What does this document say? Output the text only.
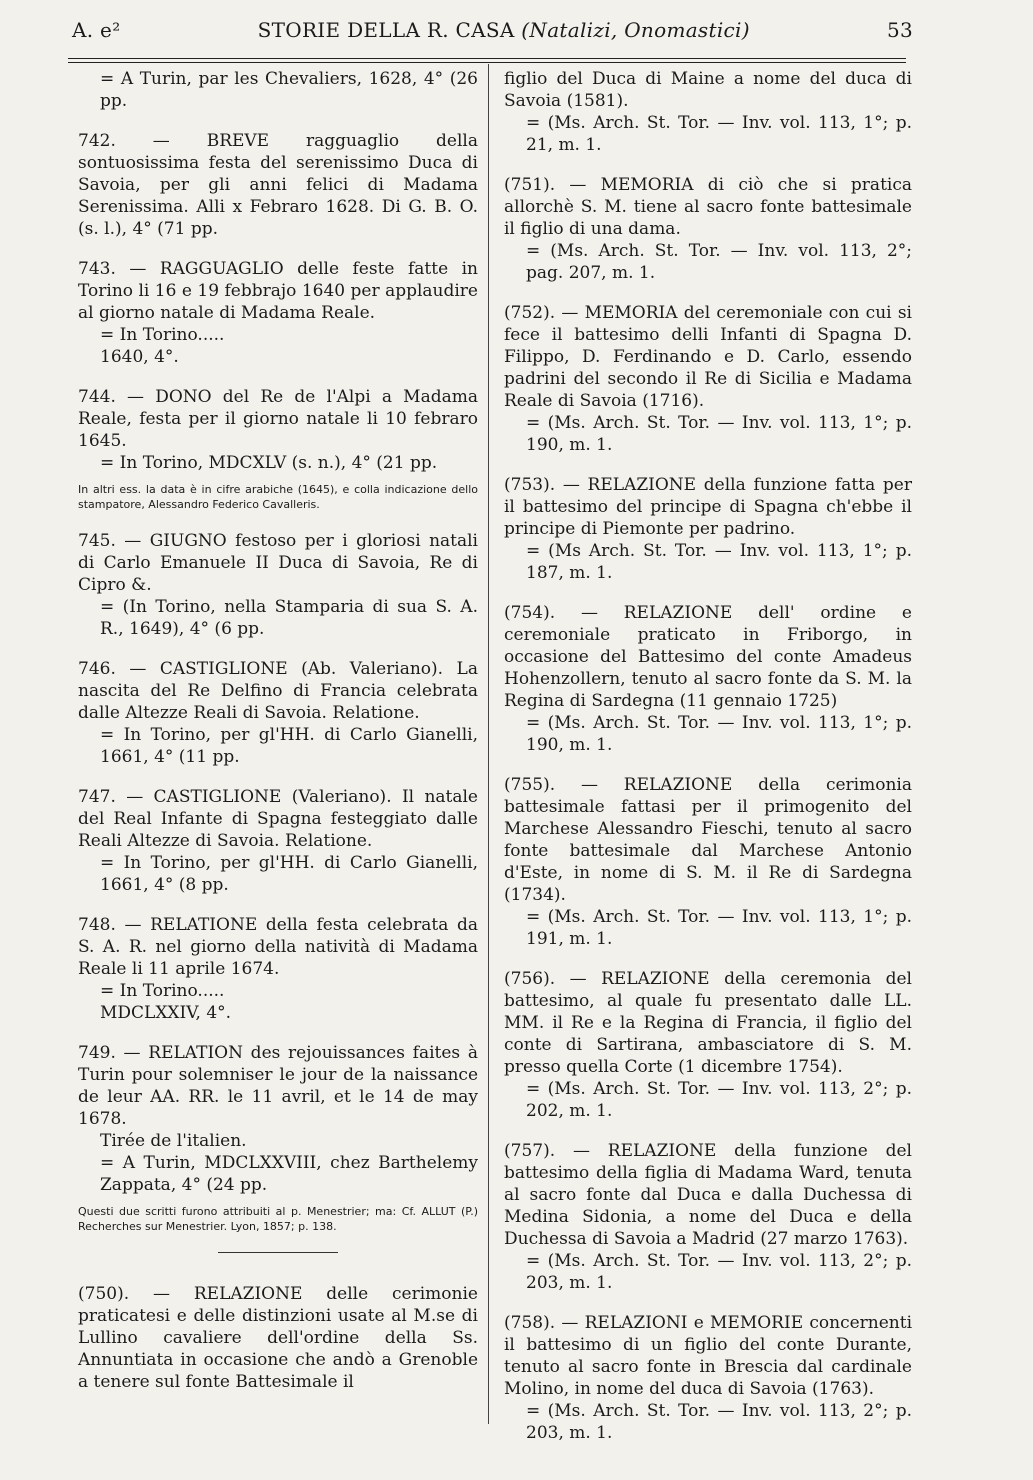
A. e²	STORIE DELLA R. CASA (Natalizi, Onomastici)	53

= A Turin, par les Chevaliers, 1628, 4° (26 pp.

742. — BREVE ragguaglio della sontuosissima festa del serenissimo Duca di Savoia, per gli anni felici di Madama Serenissima. Alli x Febraro 1628. Di G. B. O. (s. l.), 4° (71 pp.

743. — RAGGUAGLIO delle feste fatte in Torino li 16 e 19 febbrajo 1640 per applaudire al giorno natale di Madama Reale.

= In Torino.....

1640, 4°.

744. — DONO del Re de l'Alpi a Madama Reale, festa per il giorno natale li 10 febraro 1645.

= In Torino, MDCXLV (s. n.), 4° (21 pp.

In altri ess. la data è in cifre arabiche (1645), e colla indicazione dello stampatore, Alessandro Federico Cavalleris.

745. — GIUGNO festoso per i gloriosi natali di Carlo Emanuele II Duca di Savoia, Re di Cipro &.

= (In Torino, nella Stamparia di sua S. A. R., 1649), 4° (6 pp.

746. — CASTIGLIONE (Ab. Valeriano). La nascita del Re Delfino di Francia celebrata dalle Altezze Reali di Savoia. Relatione.

= In Torino, per gl'HH. di Carlo Gianelli, 1661, 4° (11 pp.

747. — CASTIGLIONE (Valeriano). Il natale del Real Infante di Spagna festeggiato dalle Reali Altezze di Savoia. Relatione.

= In Torino, per gl'HH. di Carlo Gianelli, 1661, 4° (8 pp.

748. — RELATIONE della festa celebrata da S. A. R. nel giorno della natività di Madama Reale li 11 aprile 1674.

= In Torino.....

MDCLXXIV, 4°.

749. — RELATION des rejouissances faites à Turin pour solemniser le jour de la naissance de leur AA. RR. le 11 avril, et le 14 de may 1678.

Tirée de l'italien.

= A Turin, MDCLXXVIII, chez Barthelemy Zappata, 4° (24 pp.

Questi due scritti furono attribuiti al p. Menestrier; ma: Cf. ALLUT (P.) Recherches sur Menestrier. Lyon, 1857; p. 138.

(750). — RELAZIONE delle cerimonie praticatesi e delle distinzioni usate al M.se di Lullino cavaliere dell'ordine della Ss. Annuntiata in occasione che andò a Grenoble a tenere sul fonte Battesimale il

figlio del Duca di Maine a nome del duca di Savoia (1581).

= (Ms. Arch. St. Tor. — Inv. vol. 113, 1°; p. 21, m. 1.

(751). — MEMORIA di ciò che si pratica allorchè S. M. tiene al sacro fonte battesimale il figlio di una dama.

= (Ms. Arch. St. Tor. — Inv. vol. 113, 2°; pag. 207, m. 1.

(752). — MEMORIA del ceremoniale con cui si fece il battesimo delli Infanti di Spagna D. Filippo, D. Ferdinando e D. Carlo, essendo padrini del secondo il Re di Sicilia e Madama Reale di Savoia (1716).

= (Ms. Arch. St. Tor. — Inv. vol. 113, 1°; p. 190, m. 1.

(753). — RELAZIONE della funzione fatta per il battesimo del principe di Spagna ch'ebbe il principe di Piemonte per padrino.

= (Ms Arch. St. Tor. — Inv. vol. 113, 1°; p. 187, m. 1.

(754). — RELAZIONE dell' ordine e ceremoniale praticato in Friborgo, in occasione del Battesimo del conte Amadeus Hohenzollern, tenuto al sacro fonte da S. M. la Regina di Sardegna (11 gennaio 1725)

= (Ms. Arch. St. Tor. — Inv. vol. 113, 1°; p. 190, m. 1.

(755). — RELAZIONE della cerimonia battesimale fattasi per il primogenito del Marchese Alessandro Fieschi, tenuto al sacro fonte battesimale dal Marchese Antonio d'Este, in nome di S. M. il Re di Sardegna (1734).

= (Ms. Arch. St. Tor. — Inv. vol. 113, 1°; p. 191, m. 1.

(756). — RELAZIONE della ceremonia del battesimo, al quale fu presentato dalle LL. MM. il Re e la Regina di Francia, il figlio del conte di Sartirana, ambasciatore di S. M. presso quella Corte (1 dicembre 1754).

= (Ms. Arch. St. Tor. — Inv. vol. 113, 2°; p. 202, m. 1.

(757). — RELAZIONE della funzione del battesimo della figlia di Madama Ward, tenuta al sacro fonte dal Duca e dalla Duchessa di Medina Sidonia, a nome del Duca e della Duchessa di Savoia a Madrid (27 marzo 1763).

= (Ms. Arch. St. Tor. — Inv. vol. 113, 2°; p. 203, m. 1.

(758). — RELAZIONI e MEMORIE concernenti il battesimo di un figlio del conte Durante, tenuto al sacro fonte in Brescia dal cardinale Molino, in nome del duca di Savoia (1763).

= (Ms. Arch. St. Tor. — Inv. vol. 113, 2°; p. 203, m. 1.
